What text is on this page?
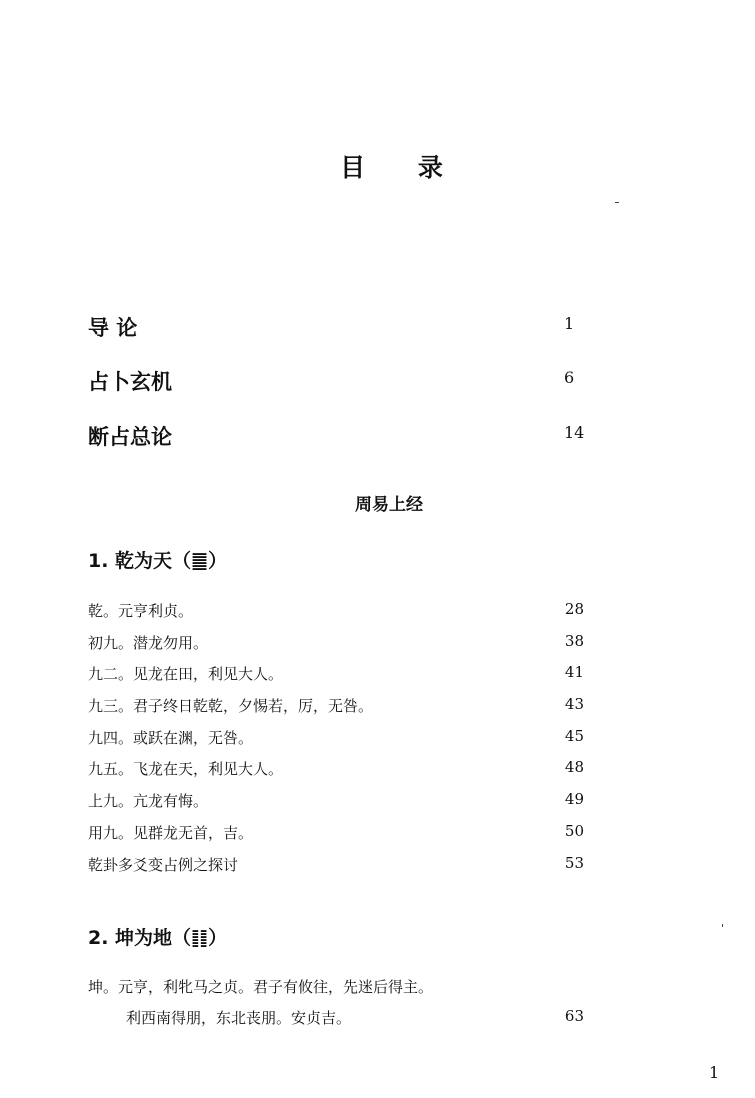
目 录
导 论	1
占卜玄机	6
断占总论	14
周易上经
1. 乾为天（䷀）
乾。元亨利贞。	28
初九。潜龙勿用。	38
九二。见龙在田，利见大人。	41
九三。君子终日乾乾，夕惕若，厉，无咎。	43
九四。或跃在渊，无咎。	45
九五。飞龙在天，利见大人。	48
上九。亢龙有悔。	49
用九。见群龙无首，吉。	50
乾卦多爻变占例之探讨	53
2. 坤为地（䷁）
坤。元亨，利牝马之贞。君子有攸往，先迷后得主。
利西南得朋，东北丧朋。安贞吉。	63
1
